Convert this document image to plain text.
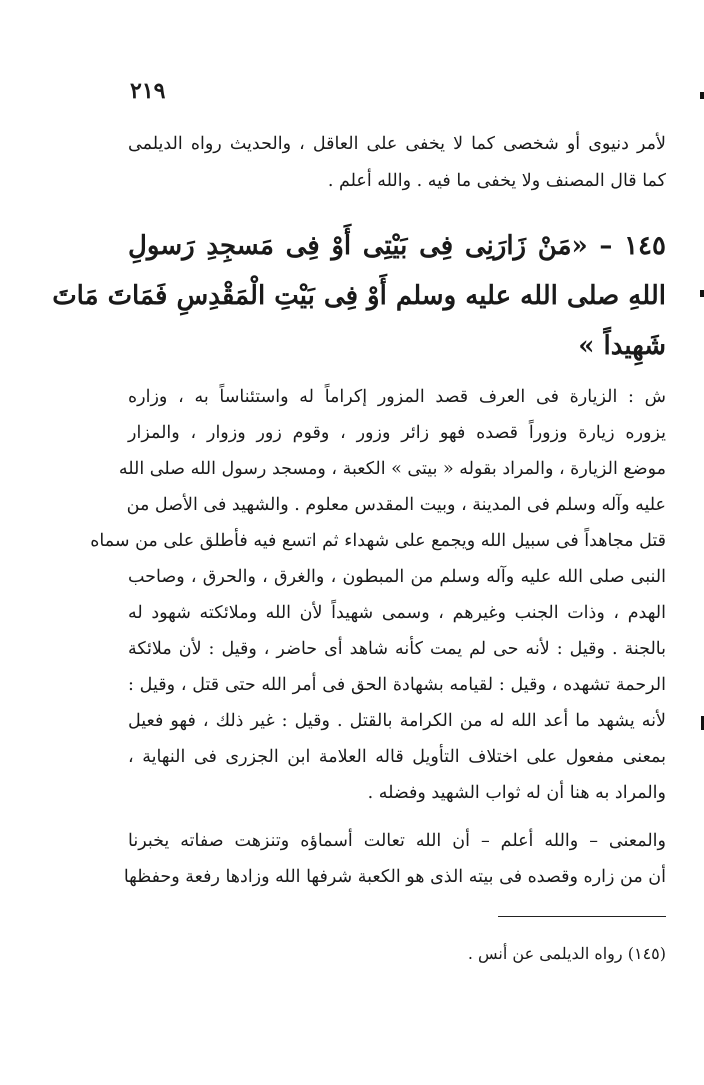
٢١٩
لأمر دنيوى أو شخصى كما لا يخفى على العاقل ، والحديث رواه الديلمى
كما قال المصنف ولا يخفى ما فيه . والله أعلم .
١٤٥ – «مَنْ زَارَنِى فِى بَيْتِى أَوْ فِى مَسجِدِ رَسولِ
اللهِ صلى الله عليه وسلم أَوْ فِى بَيْتِ الْمَقْدِسِ فَمَاتَ مَاتَ
شَهِيداً »
ش : الزيارة فى العرف قصد المزور إكراماً له واستئناساً به ، وزاره
يزوره زيارة وزوراً قصده فهو زائر وزور ، وقوم زور وزوار ، والمزار
موضع الزيارة ، والمراد بقوله « بيتى » الكعبة ، ومسجد رسول الله صلى الله
عليه وآله وسلم فى المدينة ، وبيت المقدس معلوم . والشهيد فى الأصل من
قتل مجاهداً فى سبيل الله ويجمع على شهداء ثم اتسع فيه فأطلق على من سماه
النبى صلى الله عليه وآله وسلم من المبطون ، والغرق ، والحرق ، وصاحب
الهدم ، وذات الجنب وغيرهم ، وسمى شهيداً لأن الله وملائكته شهود له
بالجنة . وقيل : لأنه حى لم يمت كأنه شاهد أى حاضر ، وقيل : لأن ملائكة
الرحمة تشهده ، وقيل : لقيامه بشهادة الحق فى أمر الله حتى قتل ، وقيل :
لأنه يشهد ما أعد الله له من الكرامة بالقتل . وقيل : غير ذلك ، فهو فعيل
بمعنى مفعول على اختلاف التأويل قاله العلامة ابن الجزرى فى النهاية ،
والمراد به هنا أن له ثواب الشهيد وفضله .
والمعنى – والله أعلم – أن الله تعالت أسماؤه وتنزهت صفاته يخبرنا
أن من زاره وقصده فى بيته الذى هو الكعبة شرفها الله وزادها رفعة وحفظها
(١٤٥) رواه الديلمى عن أنس .
